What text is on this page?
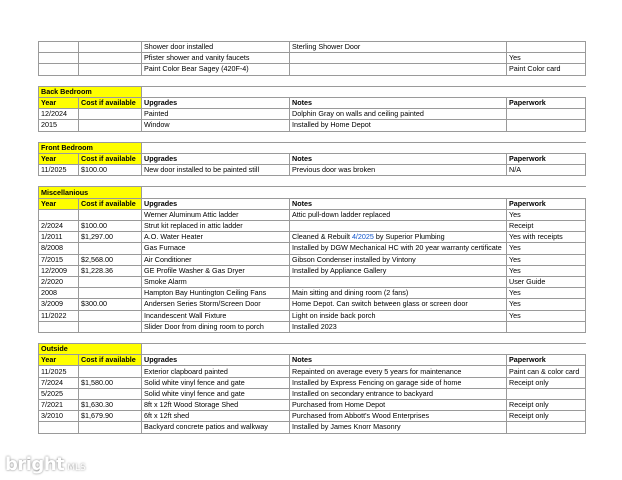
		Shower door installed	Sterling Shower Door	
		Pfister shower and vanity faucets		Yes
		Paint Color Bear Sagey (420F-4)		Paint Color card

Back Bedroom				
Year	Cost if available	Upgrades	Notes	Paperwork
12/2024		Painted	Dolphin Gray on walls and ceiling painted	
2015		Window	Installed by Home Depot	

Front Bedroom				
Year	Cost if available	Upgrades	Notes	Paperwork
11/2025	$100.00	New door installed to be painted still	Previous door was broken	N/A

Miscellanious				
Year	Cost if available	Upgrades	Notes	Paperwork
		Werner Aluminum Attic ladder	Attic pull-down ladder replaced	Yes
2/2024	$100.00	Strut kit replaced in attic ladder		Receipt
1/2011	$1,297.00	A.O. Water Heater	Cleaned & Rebuilt 4/2025 by Superior Plumbing	Yes with receipts
8/2008		Gas Furnace	Installed by DGW Mechanical HC with 20 year warranty certificate	Yes
7/2015	$2,568.00	Air Conditioner	Gibson Condenser installed by Vintony	Yes
12/2009	$1,228.36	GE Profile Washer & Gas Dryer	Installed by Appliance Gallery	Yes
2/2020		Smoke Alarm		User Guide
2008		Hampton Bay Huntington Ceiling Fans	Main sitting and dining room (2 fans)	Yes
3/2009	$300.00	Andersen Series Storm/Screen Door	Home Depot. Can switch between glass or screen door	Yes
11/2022		Incandescent Wall Fixture	Light on inside back porch	Yes
		Slider Door from dining room to porch	Installed 2023	

Outside				
Year	Cost if available	Upgrades	Notes	Paperwork
11/2025		Exterior clapboard painted	Repainted on average every 5 years for maintenance	Paint can & color card
7/2024	$1,580.00	Solid white vinyl fence and gate	Installed by Express Fencing on garage side of home	Receipt only
5/2025		Solid white vinyl fence and gate	Installed on secondary entrance to backyard	
7/2021	$1,630.30	8ft x 12ft Wood Storage Shed	Purchased from Home Depot	Receipt only
3/2010	$1,679.90	6ft x 12ft shed	Purchased from Abbott's Wood Enterprises	Receipt only
		Backyard concrete patios and walkway	Installed by James Knorr Masonry	
bright MLS
